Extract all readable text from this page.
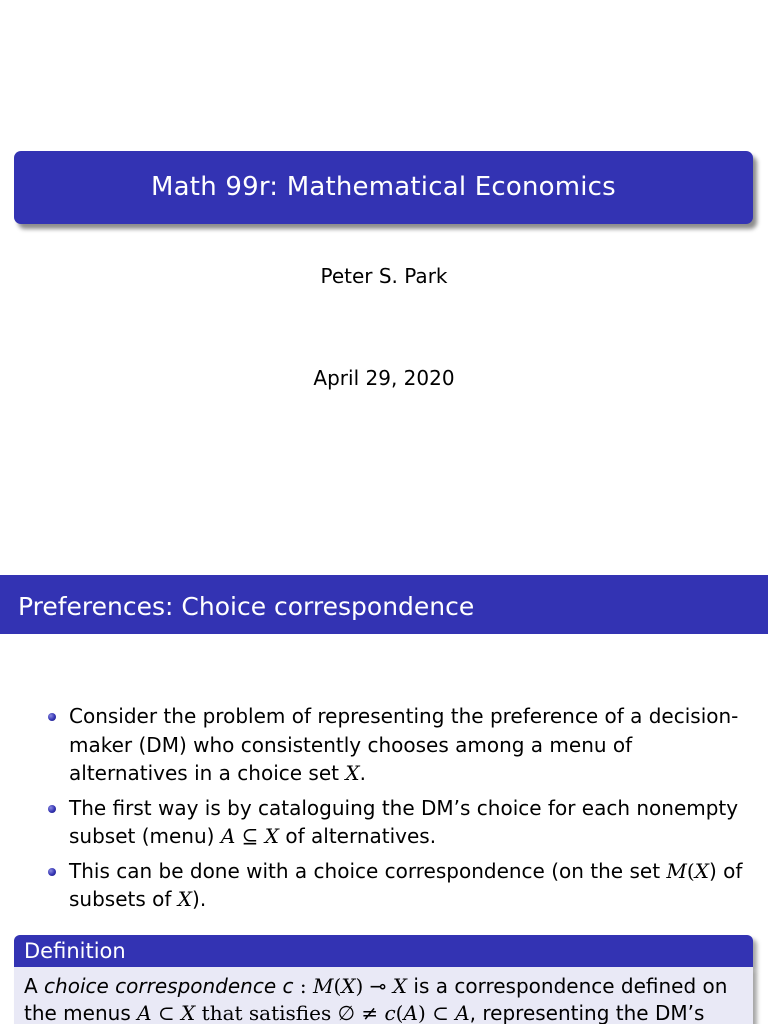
Math 99r: Mathematical Economics
Peter S. Park
April 29, 2020
Preferences: Choice correspondence
Consider the problem of representing the preference of a decision-maker (DM) who consistently chooses among a menu of alternatives in a choice set X.
The first way is by cataloguing the DM’s choice for each nonempty subset (menu) A ⊆ X of alternatives.
This can be done with a choice correspondence (on the set M(X) of subsets of X).
Definition
A choice correspondence c : M(X) ⊸ X is a correspondence defined on the menus A ⊂ X that satisfies ∅ ≠ c(A) ⊂ A, representing the DM’s
